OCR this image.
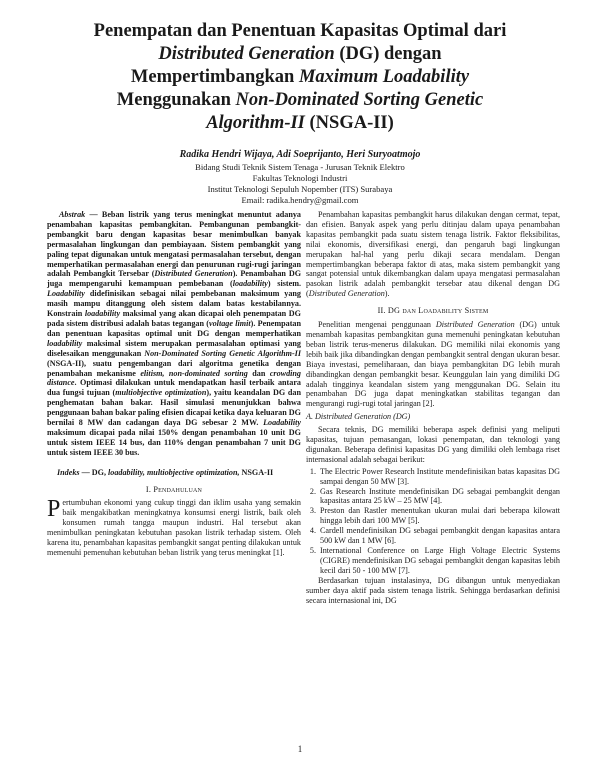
Penempatan dan Penentuan Kapasitas Optimal dari
Distributed Generation (DG) dengan
Mempertimbangkan Maximum Loadability
Menggunakan Non-Dominated Sorting Genetic
Algorithm-II (NSGA-II)
Radika Hendri Wijaya, Adi Soeprijanto, Heri Suryoatmojo
Bidang Studi Teknik Sistem Tenaga - Jurusan Teknik Elektro
Fakultas Teknologi Industri
Institut Teknologi Sepuluh Nopember (ITS) Surabaya
Email: radika.hendry@gmail.com

Abstrak — Beban listrik yang terus meningkat menuntut adanya penambahan kapasitas pembangkitan. Pembangunan pembangkit-pembangkit baru dengan kapasitas besar menimbulkan banyak permasalahan lingkungan dan pembiayaan. Sistem pembangkit yang paling tepat digunakan untuk mengatasi permasalahan tersebut, dengan memperhatikan permasalahan energi dan penurunan rugi-rugi jaringan adalah Pembangkit Tersebar (Distributed Generation). Penambahan DG juga mempengaruhi kemampuan pembebanan (loadability) sistem. Loadability didefinisikan sebagai nilai pembebanan maksimum yang masih mampu ditanggung oleh sistem dalam batas kestabilannya. Konstrain loadability maksimal yang akan dicapai oleh penempatan DG pada sistem distribusi adalah batas tegangan (voltage limit). Penempatan dan penentuan kapasitas optimal unit DG dengan memperhatikan loadability maksimal sistem merupakan permasalahan optimasi yang diselesaikan menggunakan Non-Dominated Sorting Genetic Algorithm-II (NSGA-II), suatu pengembangan dari algoritma genetika dengan penambahan mekanisme elitism, non-dominated sorting dan crowding distance. Optimasi dilakukan untuk mendapatkan hasil terbaik antara dua fungsi tujuan (multiobjective optimization), yaitu keandalan DG dan penghematan bahan bakar. Hasil simulasi menunjukkan bahwa penggunaan bahan bakar paling efisien dicapai ketika daya keluaran DG bernilai 8 MW dan cadangan daya DG sebesar 2 MW. Loadability maksimum dicapai pada nilai 150% dengan penambahan 10 unit DG untuk sistem IEEE 14 bus, dan 110% dengan penambahan 7 unit DG untuk sistem IEEE 30 bus.

Indeks — DG, loadability, multiobjective optimization, NSGA-II

I. Pendahuluan

Pertumbuhan ekonomi yang cukup tinggi dan iklim usaha yang semakin baik mengakibatkan meningkatnya konsumsi energi listrik, baik oleh konsumen rumah tangga maupun industri. Hal tersebut akan menimbulkan peningkatan kebutuhan pasokan listrik terhadap sistem. Oleh karena itu, penambahan kapasitas pembangkit sangat penting dilakukan untuk memenuhi pemenuhan kebutuhan beban listrik yang terus meningkat [1].

Penambahan kapasitas pembangkit harus dilakukan dengan cermat, tepat, dan efisien. Banyak aspek yang perlu ditinjau dalam upaya penambahan kapasitas pembangkit pada suatu sistem tenaga listrik. Faktor fleksibilitas, nilai ekonomis, diversifikasi energi, dan pengaruh bagi lingkungan merupakan hal-hal yang perlu dikaji secara mendalam. Dengan mempertimbangkan beberapa faktor di atas, maka sistem pembangkit yang sangat potensial untuk dikembangkan dalam upaya mengatasi permasalahan pasokan listrik adalah pembangkit tersebar atau dikenal dengan DG (Distributed Generation).

II. DG dan Loadability Sistem

Penelitian mengenai penggunaan Distributed Generation (DG) untuk menambah kapasitas pembangkitan guna memenuhi peningkatan kebutuhan beban listrik terus-menerus dilakukan. DG memiliki nilai ekonomis yang lebih baik jika dibandingkan dengan pembangkit sentral dengan ukuran besar. Biaya investasi, pemeliharaan, dan biaya pembangkitan DG lebih murah dibandingkan dengan pembangkit besar. Keunggulan lain yang dimiliki DG adalah tingginya keandalan sistem yang menggunakan DG. Selain itu penambahan DG juga dapat meningkatkan stabilitas tegangan dan mengurangi rugi-rugi total jaringan [2].

A. Distributed Generation (DG)

Secara teknis, DG memiliki beberapa aspek definisi yang meliputi kapasitas, tujuan pemasangan, lokasi penempatan, dan teknologi yang digunakan. Beberapa definisi kapasitas DG yang dimiliki oleh lembaga riset internasional adalah sebagai berikut:

1. The Electric Power Research Institute mendefinisikan batas kapasitas DG sampai dengan 50 MW [3].
2. Gas Research Institute mendefinisikan DG sebagai pembangkit dengan kapasitas antara 25 kW – 25 MW [4].
3. Preston dan Rastler menentukan ukuran mulai dari beberapa kilowatt hingga lebih dari 100 MW [5].
4. Cardell mendefinisikan DG sebagai pembangkit dengan kapasitas antara 500 kW dan 1 MW [6].
5. International Conference on Large High Voltage Electric Systems (CIGRE) mendefinisikan DG sebagai pembangkit dengan kapasitas lebih kecil dari 50 - 100 MW [7].

Berdasarkan tujuan instalasinya, DG dibangun untuk menyediakan sumber daya aktif pada sistem tenaga listrik. Sehingga berdasarkan definisi secara internasional ini, DG

1
